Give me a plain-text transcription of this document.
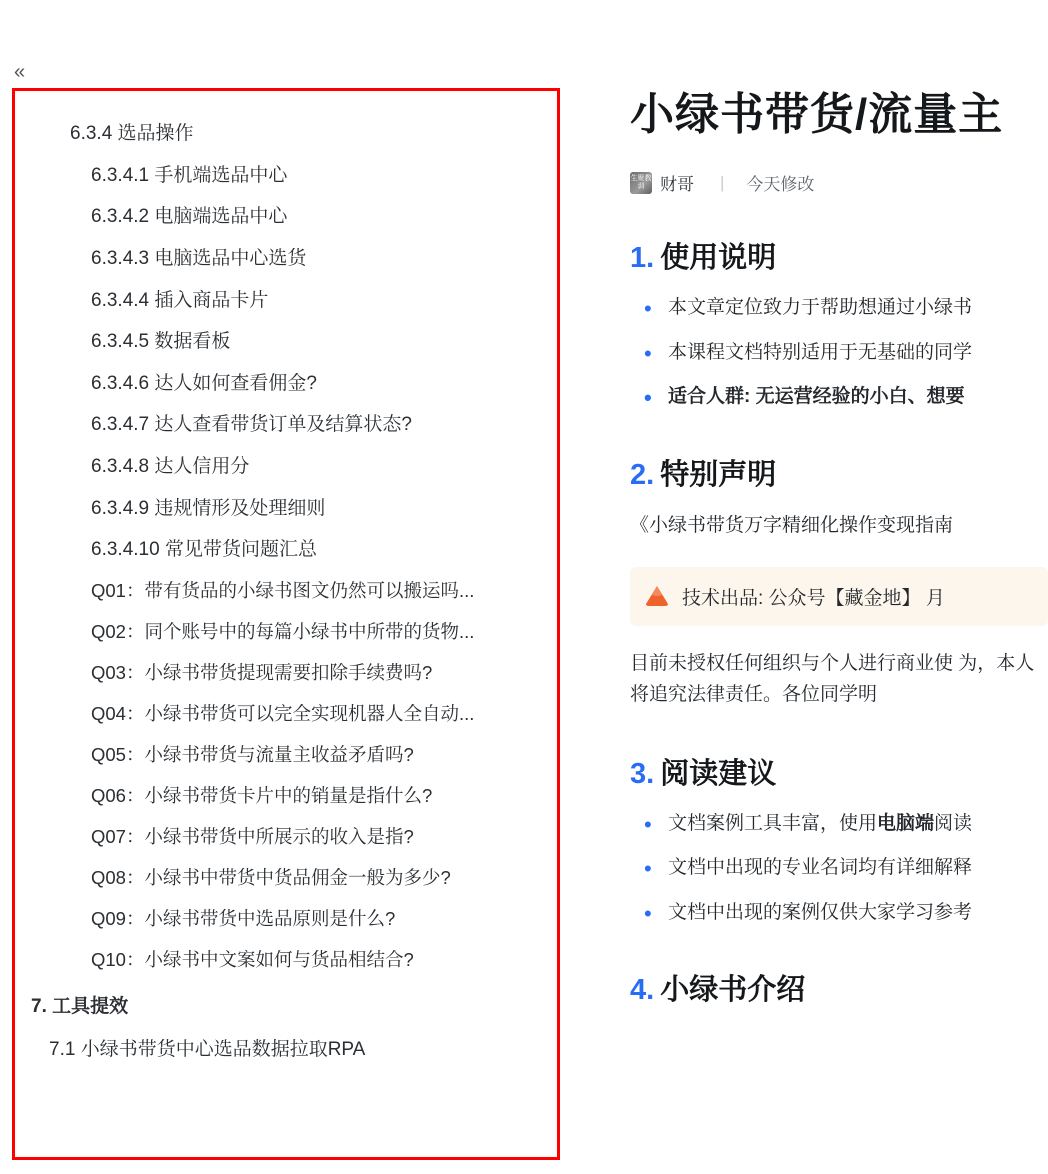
«
6.3.4 选品操作
6.3.4.1 手机端选品中心
6.3.4.2 电脑端选品中心
6.3.4.3 电脑选品中心选货
6.3.4.4 插入商品卡片
6.3.4.5 数据看板
6.3.4.6 达人如何查看佣金?
6.3.4.7 达人查看带货订单及结算状态?
6.3.4.8 达人信用分
6.3.4.9 违规情形及处理细则
6.3.4.10 常见带货问题汇总
Q01：带有货品的小绿书图文仍然可以搬运吗...
Q02：同个账号中的每篇小绿书中所带的货物...
Q03：小绿书带货提现需要扣除手续费吗?
Q04：小绿书带货可以完全实现机器人全自动...
Q05：小绿书带货与流量主收益矛盾吗?
Q06：小绿书带货卡片中的销量是指什么?
Q07：小绿书带货中所展示的收入是指?
Q08：小绿书中带货中货品佣金一般为多少?
Q09：小绿书带货中选品原则是什么?
Q10：小绿书中文案如何与货品相结合?
7. 工具提效
7.1 小绿书带货中心选品数据拉取RPA
小绿书带货/流量主
生聚教训 财哥 | 今天修改
1. 使用说明
• 本文章定位致力于帮助想通过小绿书
• 本课程文档特别适用于无基础的同学
• 适合人群: 无运营经验的小白、想要
2. 特别声明

《小绿书带货万字精细化操作变现指南

技术出品: 公众号【藏金地】 月

目前未授权任何组织与个人进行商业使 为，本人将追究法律责任。各位同学明

3. 阅读建议
• 文档案例工具丰富，使用电脑端阅读
• 文档中出现的专业名词均有详细解释
• 文档中出现的案例仅供大家学习参考
4. 小绿书介绍
